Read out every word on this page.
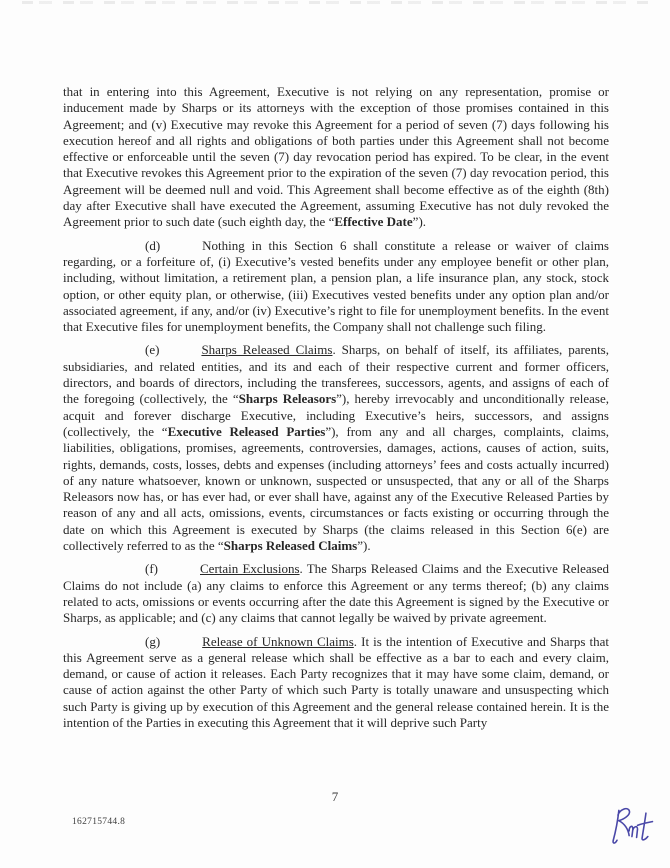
that in entering into this Agreement, Executive is not relying on any representation, promise or inducement made by Sharps or its attorneys with the exception of those promises contained in this Agreement; and (v) Executive may revoke this Agreement for a period of seven (7) days following his execution hereof and all rights and obligations of both parties under this Agreement shall not become effective or enforceable until the seven (7) day revocation period has expired. To be clear, in the event that Executive revokes this Agreement prior to the expiration of the seven (7) day revocation period, this Agreement will be deemed null and void. This Agreement shall become effective as of the eighth (8th) day after Executive shall have executed the Agreement, assuming Executive has not duly revoked the Agreement prior to such date (such eighth day, the “Effective Date”).

(d)	Nothing in this Section 6 shall constitute a release or waiver of claims regarding, or a forfeiture of, (i) Executive’s vested benefits under any employee benefit or other plan, including, without limitation, a retirement plan, a pension plan, a life insurance plan, any stock, stock option, or other equity plan, or otherwise, (iii) Executives vested benefits under any option plan and/or associated agreement, if any, and/or (iv) Executive’s right to file for unemployment benefits. In the event that Executive files for unemployment benefits, the Company shall not challenge such filing.

(e)	Sharps Released Claims. Sharps, on behalf of itself, its affiliates, parents, subsidiaries, and related entities, and its and each of their respective current and former officers, directors, and boards of directors, including the transferees, successors, agents, and assigns of each of the foregoing (collectively, the “Sharps Releasors”), hereby irrevocably and unconditionally release, acquit and forever discharge Executive, including Executive’s heirs, successors, and assigns (collectively, the “Executive Released Parties”), from any and all charges, complaints, claims, liabilities, obligations, promises, agreements, controversies, damages, actions, causes of action, suits, rights, demands, costs, losses, debts and expenses (including attorneys’ fees and costs actually incurred) of any nature whatsoever, known or unknown, suspected or unsuspected, that any or all of the Sharps Releasors now has, or has ever had, or ever shall have, against any of the Executive Released Parties by reason of any and all acts, omissions, events, circumstances or facts existing or occurring through the date on which this Agreement is executed by Sharps (the claims released in this Section 6(e) are collectively referred to as the “Sharps Released Claims”).

(f)	Certain Exclusions. The Sharps Released Claims and the Executive Released Claims do not include (a) any claims to enforce this Agreement or any terms thereof; (b) any claims related to acts, omissions or events occurring after the date this Agreement is signed by the Executive or Sharps, as applicable; and (c) any claims that cannot legally be waived by private agreement.

(g)	Release of Unknown Claims. It is the intention of Executive and Sharps that this Agreement serve as a general release which shall be effective as a bar to each and every claim, demand, or cause of action it releases. Each Party recognizes that it may have some claim, demand, or cause of action against the other Party of which such Party is totally unaware and unsuspecting which such Party is giving up by execution of this Agreement and the general release contained herein. It is the intention of the Parties in executing this Agreement that it will deprive such Party

7
162715744.8
